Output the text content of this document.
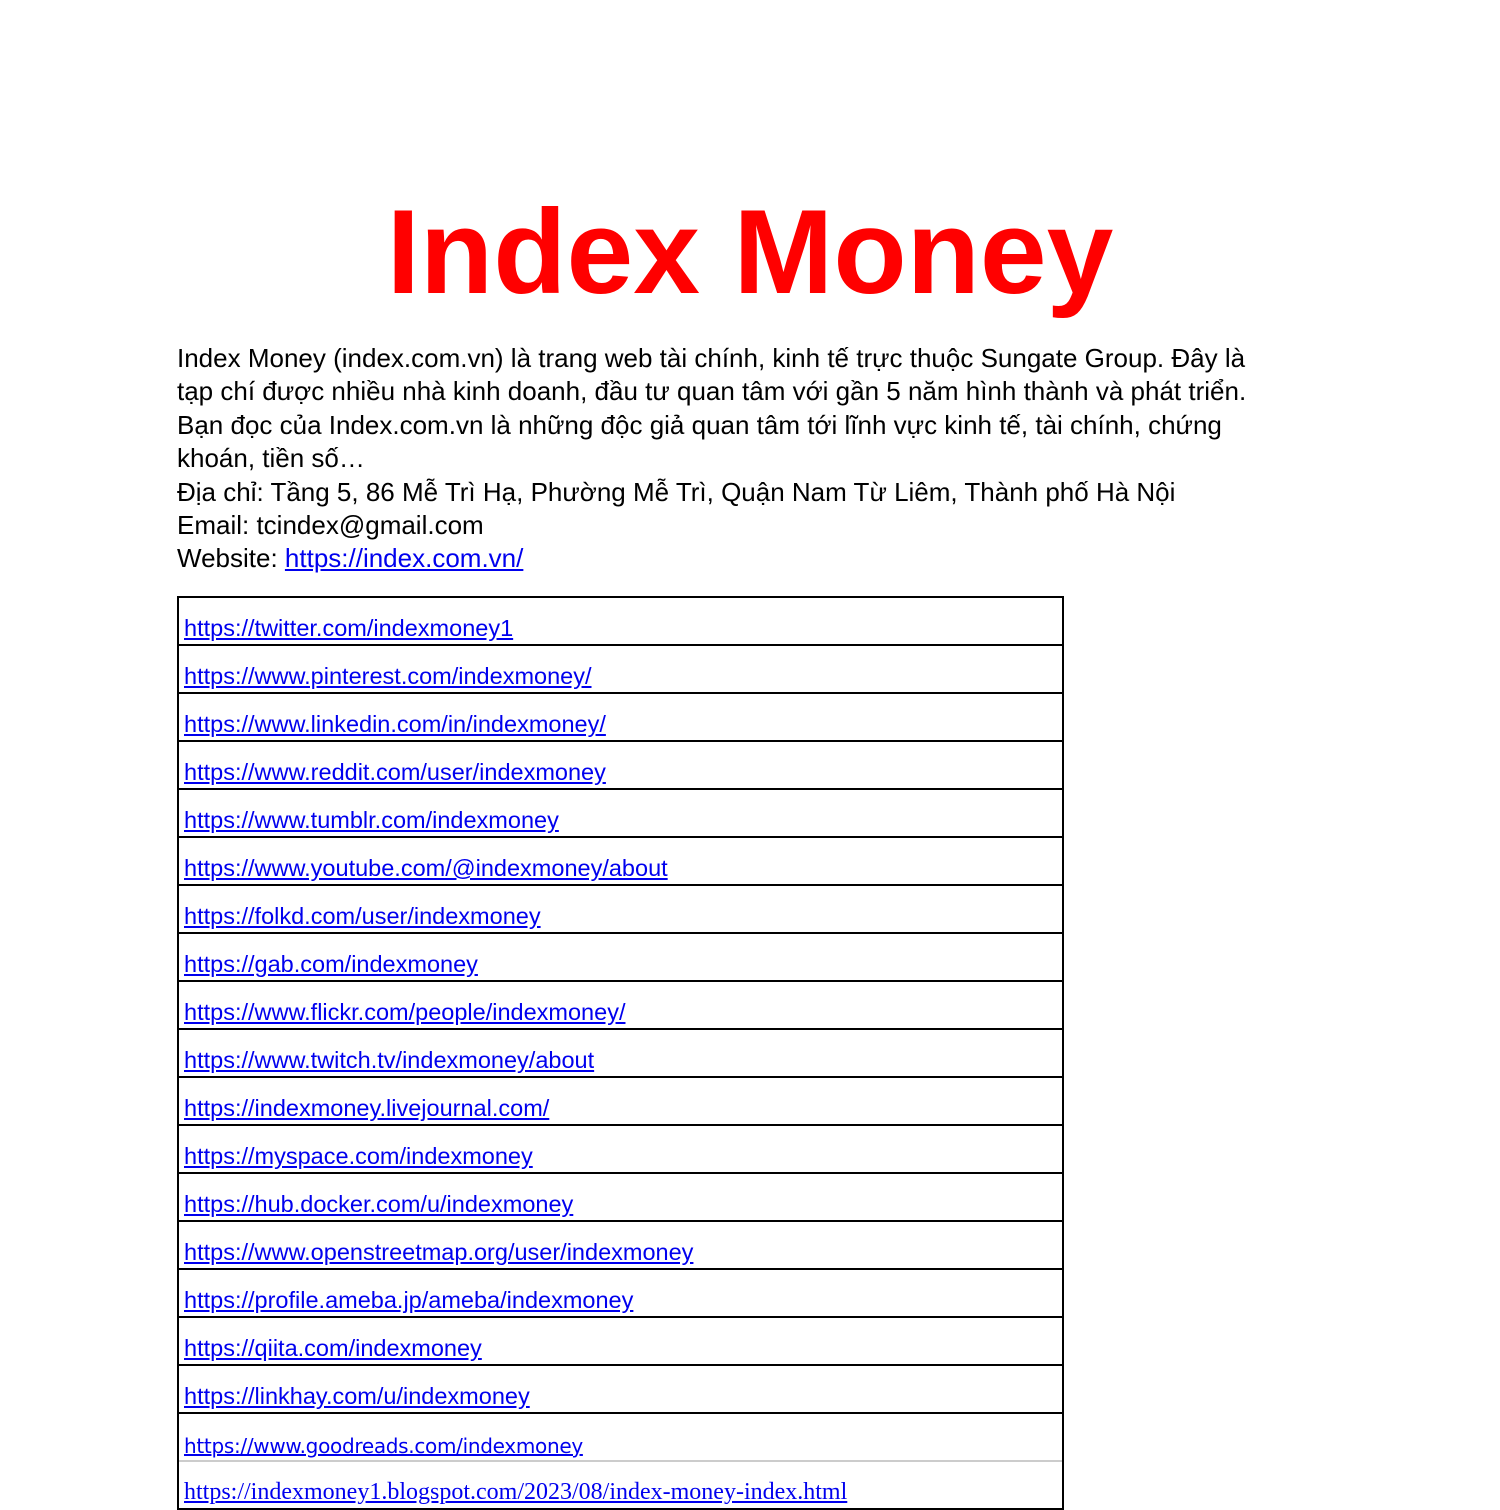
Index Money
Index Money (index.com.vn) là trang web tài chính, kinh tế trực thuộc Sungate Group. Đây là
tạp chí được nhiều nhà kinh doanh, đầu tư quan tâm với gần 5 năm hình thành và phát triển.
Bạn đọc của Index.com.vn là những độc giả quan tâm tới lĩnh vực kinh tế, tài chính, chứng
khoán, tiền số…
Địa chỉ: Tầng 5, 86 Mễ Trì Hạ, Phường Mễ Trì, Quận Nam Từ Liêm, Thành phố Hà Nội
Email: tcindex@gmail.com
Website: https://index.com.vn/
https://twitter.com/indexmoney1
https://www.pinterest.com/indexmoney/
https://www.linkedin.com/in/indexmoney/
https://www.reddit.com/user/indexmoney
https://www.tumblr.com/indexmoney
https://www.youtube.com/@indexmoney/about
https://folkd.com/user/indexmoney
https://gab.com/indexmoney
https://www.flickr.com/people/indexmoney/
https://www.twitch.tv/indexmoney/about
https://indexmoney.livejournal.com/
https://myspace.com/indexmoney
https://hub.docker.com/u/indexmoney
https://www.openstreetmap.org/user/indexmoney
https://profile.ameba.jp/ameba/indexmoney
https://qiita.com/indexmoney
https://linkhay.com/u/indexmoney
https://www.goodreads.com/indexmoney
https://indexmoney1.blogspot.com/2023/08/index-money-index.html
